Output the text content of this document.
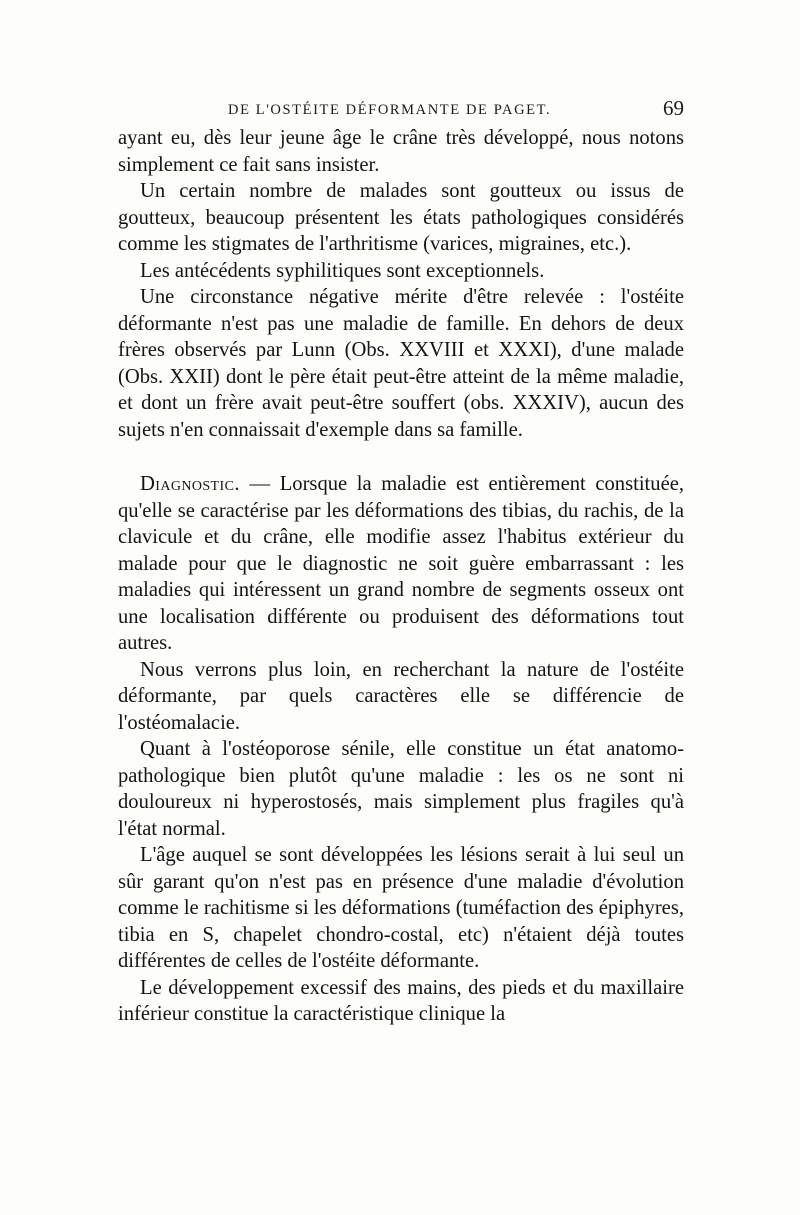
DE L'OSTÉITE DÉFORMANTE DE PAGET.	69

ayant eu, dès leur jeune âge le crâne très développé, nous notons simplement ce fait sans insister.

Un certain nombre de malades sont goutteux ou issus de goutteux, beaucoup présentent les états pathologiques considérés comme les stigmates de l'arthritisme (varices, migraines, etc.).

Les antécédents syphilitiques sont exceptionnels.

Une circonstance négative mérite d'être relevée : l'ostéite déformante n'est pas une maladie de famille. En dehors de deux frères observés par Lunn (Obs. XXVIII et XXXI), d'une malade (Obs. XXII) dont le père était peut-être atteint de la même maladie, et dont un frère avait peut-être souffert (obs. XXXIV), aucun des sujets n'en connaissait d'exemple dans sa famille.

Diagnostic. — Lorsque la maladie est entièrement constituée, qu'elle se caractérise par les déformations des tibias, du rachis, de la clavicule et du crâne, elle modifie assez l'habitus extérieur du malade pour que le diagnostic ne soit guère embarrassant : les maladies qui intéressent un grand nombre de segments osseux ont une localisation différente ou produisent des déformations tout autres.

Nous verrons plus loin, en recherchant la nature de l'ostéite déformante, par quels caractères elle se différencie de l'ostéomalacie.

Quant à l'ostéoporose sénile, elle constitue un état anatomo-pathologique bien plutôt qu'une maladie : les os ne sont ni douloureux ni hyperostosés, mais simplement plus fragiles qu'à l'état normal.

L'âge auquel se sont développées les lésions serait à lui seul un sûr garant qu'on n'est pas en présence d'une maladie d'évolution comme le rachitisme si les déformations (tuméfaction des épiphyres, tibia en S, chapelet chondro-costal, etc) n'étaient déjà toutes différentes de celles de l'ostéite déformante.

Le développement excessif des mains, des pieds et du maxillaire inférieur constitue la caractéristique clinique la
